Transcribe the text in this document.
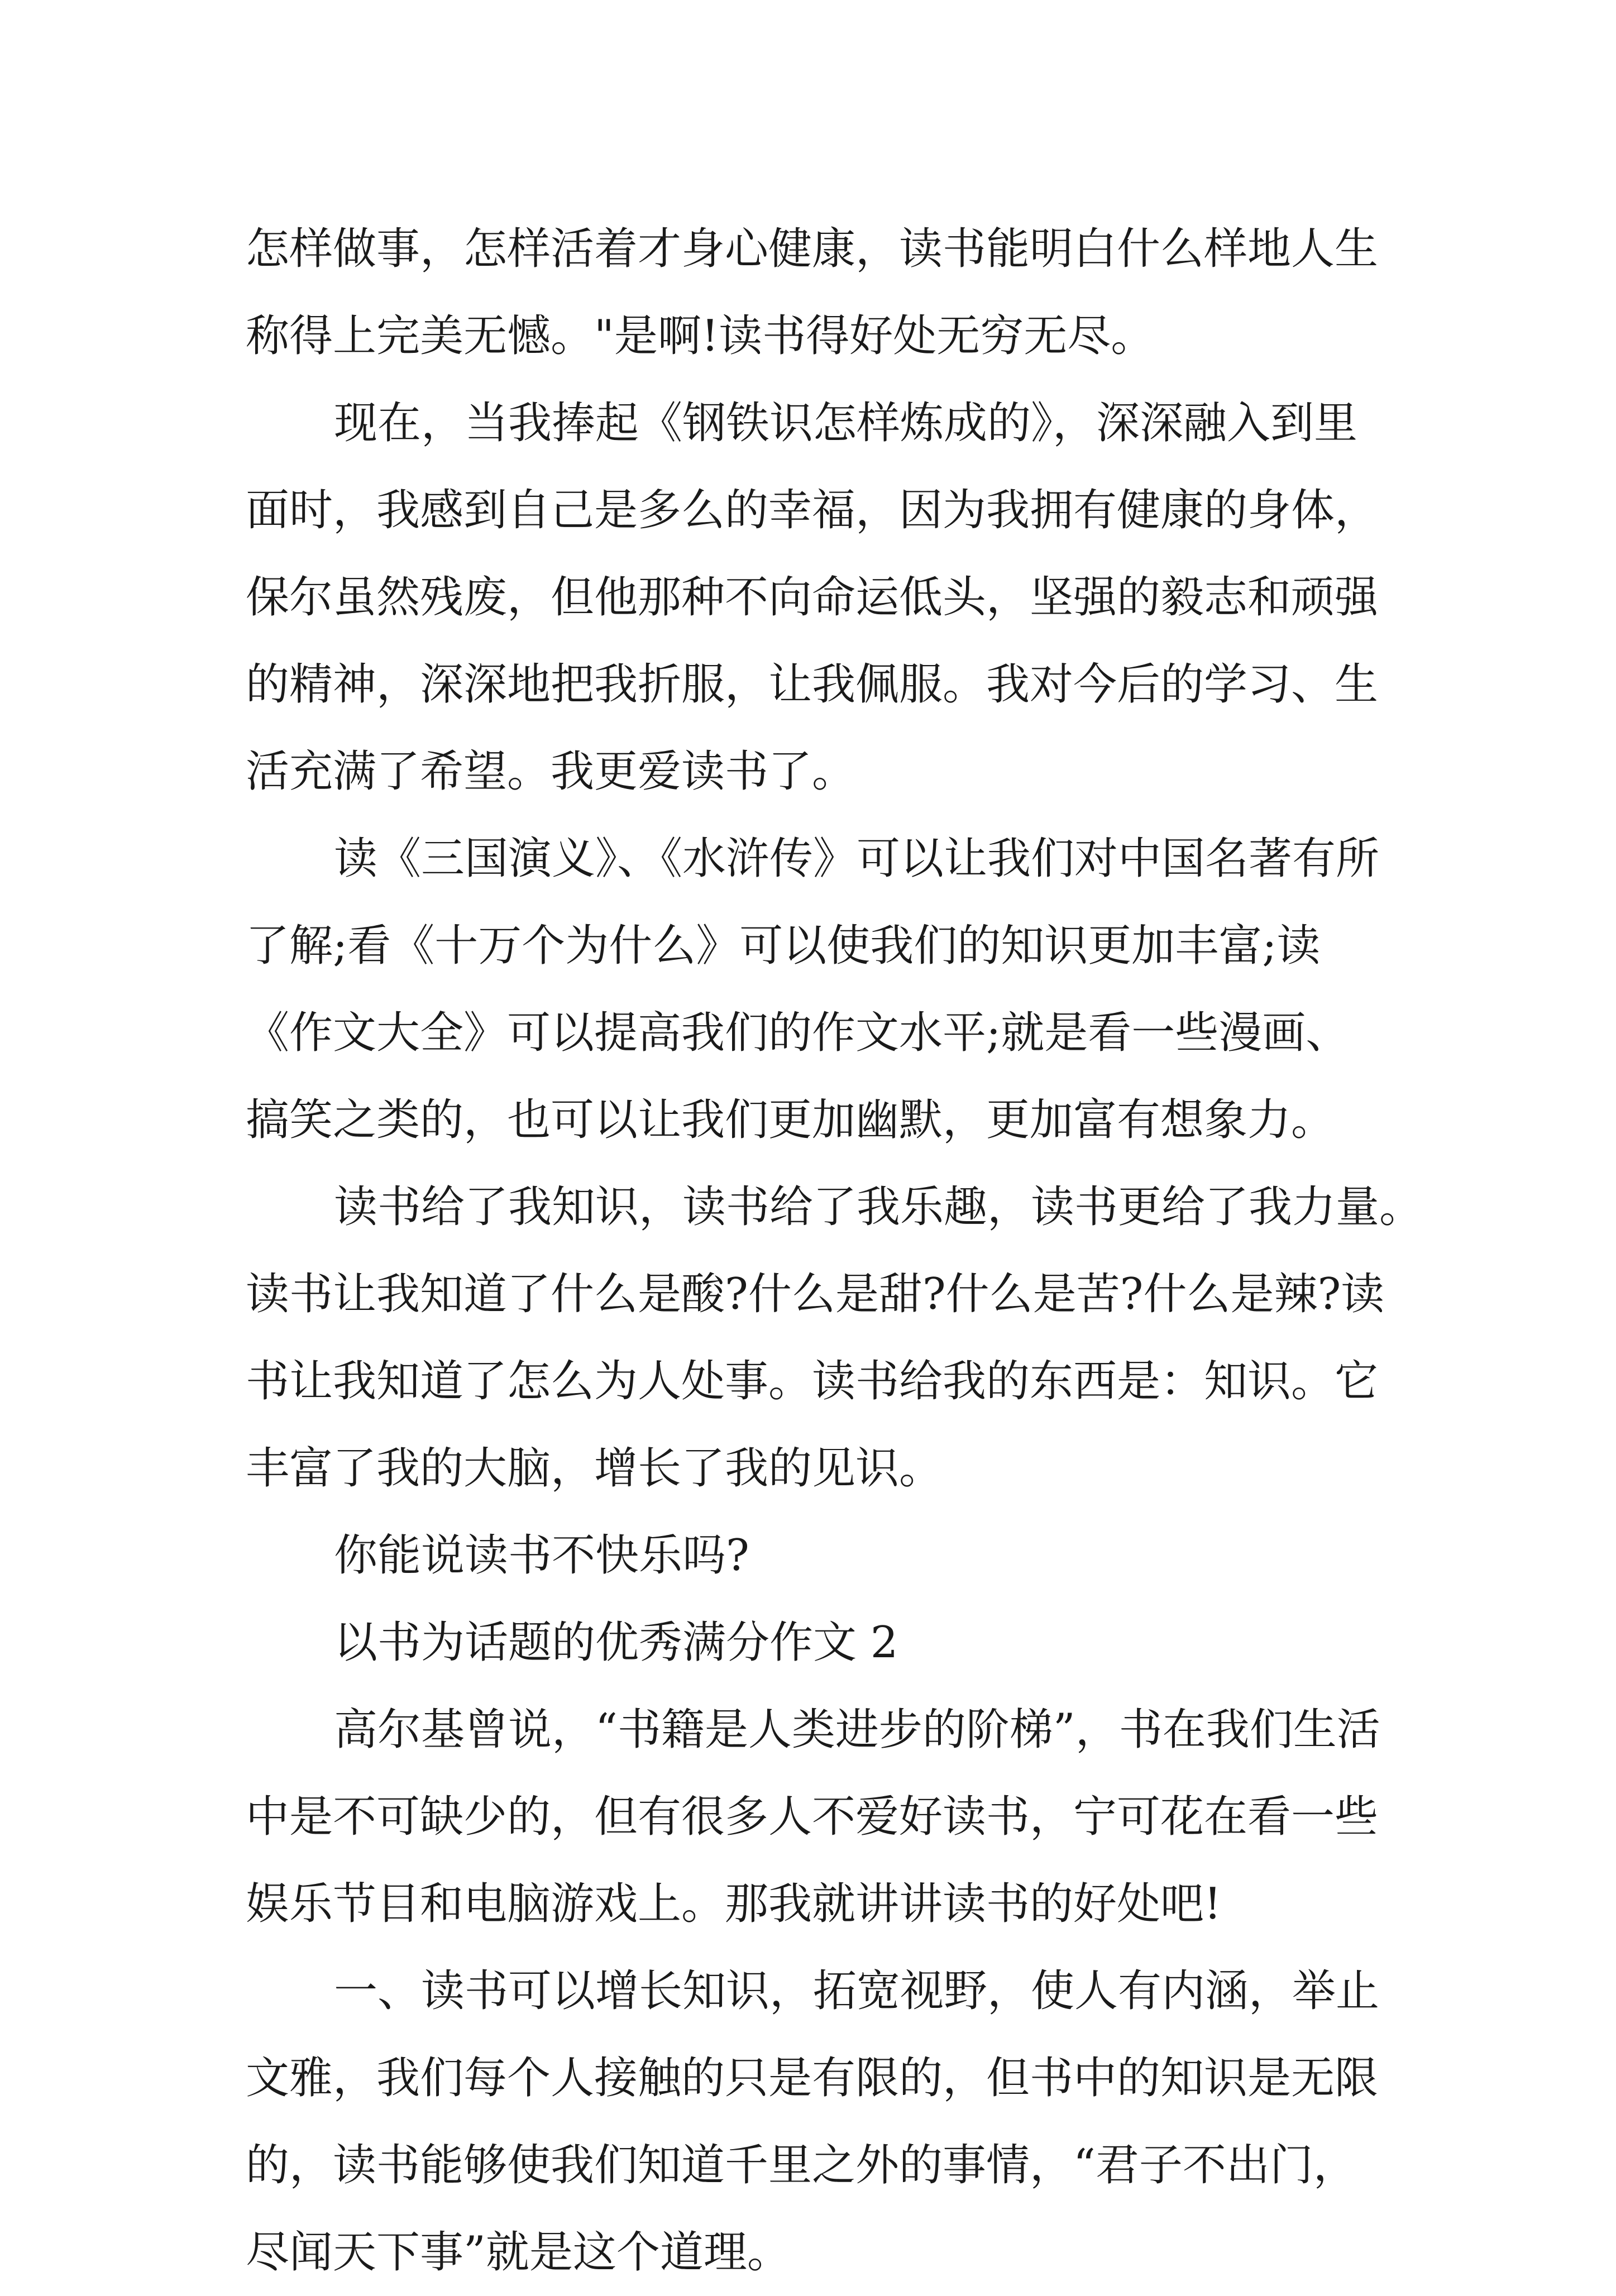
怎样做事，怎样活着才身心健康，读书能明白什么样地人生
称得上完美无憾。"是啊!读书得好处无穷无尽。
现在，当我捧起《钢铁识怎样炼成的》，深深融入到里
面时，我感到自己是多么的幸福，因为我拥有健康的身体，
保尔虽然残废，但他那种不向命运低头，坚强的毅志和顽强
的精神，深深地把我折服，让我佩服。我对今后的学习、生
活充满了希望。我更爱读书了。
读《三国演义》、《水浒传》可以让我们对中国名著有所
了解;看《十万个为什么》可以使我们的知识更加丰富;读
《作文大全》可以提高我们的作文水平;就是看一些漫画、
搞笑之类的，也可以让我们更加幽默，更加富有想象力。
读书给了我知识，读书给了我乐趣，读书更给了我力量。
读书让我知道了什么是酸?什么是甜?什么是苦?什么是辣?读
书让我知道了怎么为人处事。读书给我的东西是：知识。它
丰富了我的大脑，增长了我的见识。
你能说读书不快乐吗?
以书为话题的优秀满分作文 2
高尔基曾说，“书籍是人类进步的阶梯”，书在我们生活
中是不可缺少的，但有很多人不爱好读书，宁可花在看一些
娱乐节目和电脑游戏上。那我就讲讲读书的好处吧!
一、读书可以增长知识，拓宽视野，使人有内涵，举止
文雅，我们每个人接触的只是有限的，但书中的知识是无限
的，读书能够使我们知道千里之外的事情，“君子不出门，
尽闻天下事”就是这个道理。
